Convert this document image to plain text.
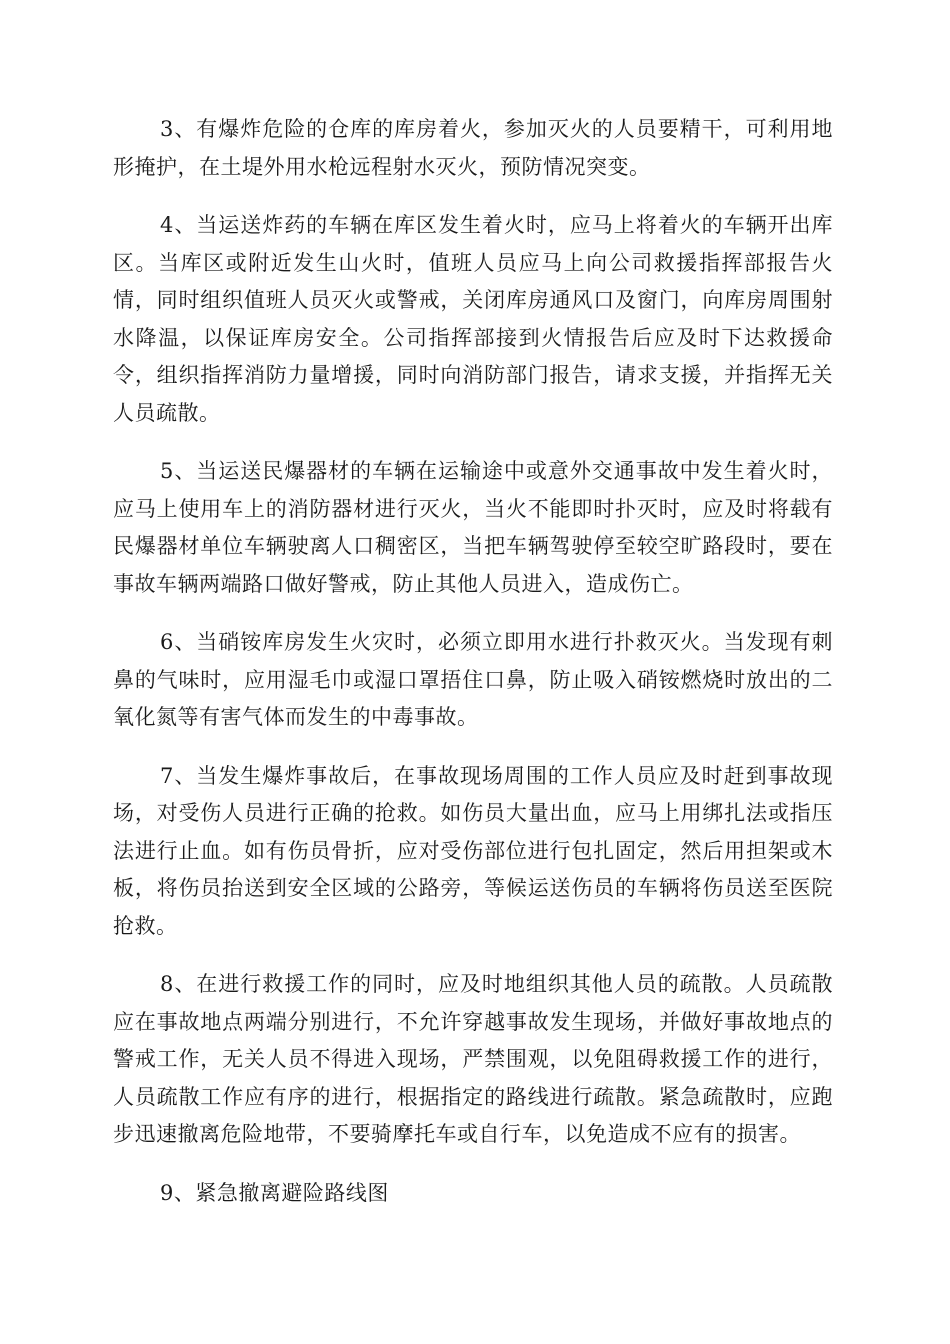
3、有爆炸危险的仓库的库房着火，参加灭火的人员要精干，可利用地形掩护，在土堤外用水枪远程射水灭火，预防情况突变。

4、当运送炸药的车辆在库区发生着火时，应马上将着火的车辆开出库区。当库区或附近发生山火时，值班人员应马上向公司救援指挥部报告火情，同时组织值班人员灭火或警戒，关闭库房通风口及窗门，向库房周围射水降温，以保证库房安全。公司指挥部接到火情报告后应及时下达救援命令，组织指挥消防力量增援，同时向消防部门报告，请求支援，并指挥无关人员疏散。

5、当运送民爆器材的车辆在运输途中或意外交通事故中发生着火时，应马上使用车上的消防器材进行灭火，当火不能即时扑灭时，应及时将载有民爆器材单位车辆驶离人口稠密区，当把车辆驾驶停至较空旷路段时，要在事故车辆两端路口做好警戒，防止其他人员进入，造成伤亡。

6、当硝铵库房发生火灾时，必须立即用水进行扑救灭火。当发现有刺鼻的气味时，应用湿毛巾或湿口罩捂住口鼻，防止吸入硝铵燃烧时放出的二氧化氮等有害气体而发生的中毒事故。

7、当发生爆炸事故后，在事故现场周围的工作人员应及时赶到事故现场，对受伤人员进行正确的抢救。如伤员大量出血，应马上用绑扎法或指压法进行止血。如有伤员骨折，应对受伤部位进行包扎固定，然后用担架或木板，将伤员抬送到安全区域的公路旁，等候运送伤员的车辆将伤员送至医院抢救。

8、在进行救援工作的同时，应及时地组织其他人员的疏散。人员疏散应在事故地点两端分别进行，不允许穿越事故发生现场，并做好事故地点的警戒工作，无关人员不得进入现场，严禁围观，以免阻碍救援工作的进行，人员疏散工作应有序的进行，根据指定的路线进行疏散。紧急疏散时，应跑步迅速撤离危险地带，不要骑摩托车或自行车，以免造成不应有的损害。

9、紧急撤离避险路线图
